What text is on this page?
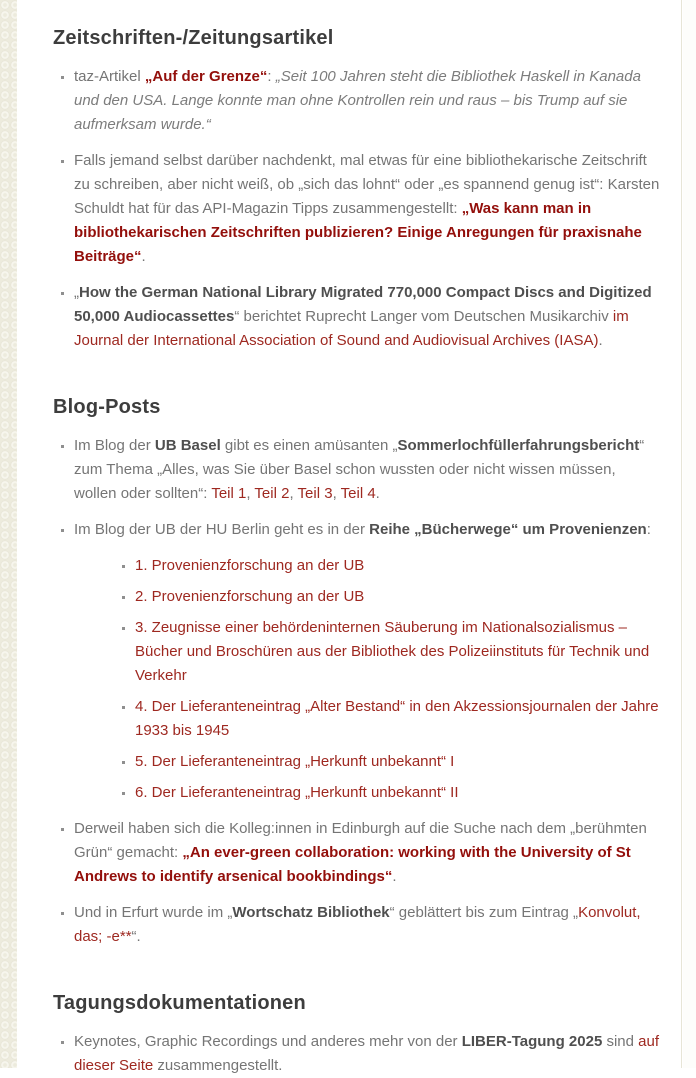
Zeitschriften-/Zeitungsartikel
▪ taz-Artikel „Auf der Grenze“: „Seit 100 Jahren steht die Bibliothek Haskell in Kanada und den USA. Lange konnte man ohne Kontrollen rein und raus – bis Trump auf sie aufmerksam wurde.“
▪ Falls jemand selbst darüber nachdenkt, mal etwas für eine bibliothekarische Zeitschrift zu schreiben, aber nicht weiß, ob „sich das lohnt“ oder „es spannend genug ist“: Karsten Schuldt hat für das API-Magazin Tipps zusammengestellt: „Was kann man in bibliothekarischen Zeitschriften publizieren? Einige Anregungen für praxisnahe Beiträge“.
▪ „How the German National Library Migrated 770,000 Compact Discs and Digitized 50,000 Audiocassettes“ berichtet Ruprecht Langer vom Deutschen Musikarchiv im Journal der International Association of Sound and Audiovisual Archives (IASA).
Blog-Posts
▪ Im Blog der UB Basel gibt es einen amüsanten „Sommerlochfüllerfahrungsbericht“ zum Thema „Alles, was Sie über Basel schon wussten oder nicht wissen müssen, wollen oder sollten“: Teil 1, Teil 2, Teil 3, Teil 4.
▪ Im Blog der UB der HU Berlin geht es in der Reihe „Bücherwege“ um Provenienzen:
▪ 1. Provenienzforschung an der UB
▪ 2. Provenienzforschung an der UB
▪ 3. Zeugnisse einer behördeninternen Säuberung im Nationalsozialismus – Bücher und Broschüren aus der Bibliothek des Polizeiinstituts für Technik und Verkehr
▪ 4. Der Lieferanteneintrag „Alter Bestand“ in den Akzessionsjournalen der Jahre 1933 bis 1945
▪ 5. Der Lieferanteneintrag „Herkunft unbekannt“ I
▪ 6. Der Lieferanteneintrag „Herkunft unbekannt“ II
▪ Derweil haben sich die Kolleg:innen in Edinburgh auf die Suche nach dem „berühmten Grün“ gemacht: „An ever-green collaboration: working with the University of St Andrews to identify arsenical bookbindings“.
▪ Und in Erfurt wurde im „Wortschatz Bibliothek“ geblättert bis zum Eintrag „Konvolut, das; -e**“.
Tagungsdokumentationen
▪ Keynotes, Graphic Recordings und anderes mehr von der LIBER-Tagung 2025 sind auf dieser Seite zusammengestellt.
